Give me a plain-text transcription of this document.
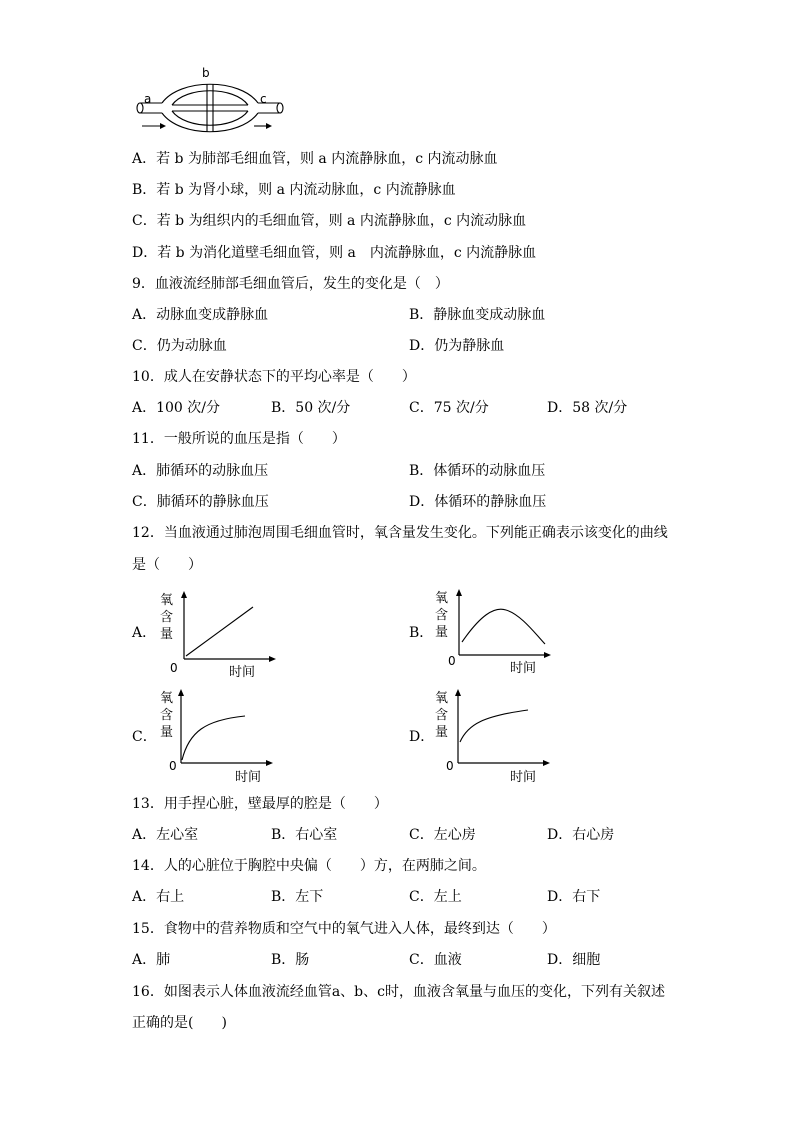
b
a	c
A．若 b 为肺部毛细血管，则 a 内流静脉血，c 内流动脉血
B．若 b 为肾小球，则 a 内流动脉血，c 内流静脉血
C．若 b 为组织内的毛细血管，则 a 内流静脉血，c 内流动脉血
D．若 b 为消化道壁毛细血管，则 a　内流静脉血，c 内流静脉血
9．血液流经肺部毛细血管后，发生的变化是（　）
A．动脉血变成静脉血	B．静脉血变成动脉血
C．仍为动脉血	D．仍为静脉血
10．成人在安静状态下的平均心率是（　　）
A．100 次/分	B．50 次/分	C．75 次/分	D．58 次/分
11．一般所说的血压是指（　　）
A．肺循环的动脉血压	B．体循环的动脉血压
C．肺循环的静脉血压	D．体循环的静脉血压
12．当血液通过肺泡周围毛细血管时，氧含量发生变化。下列能正确表示该变化的曲线
是（　　）
A．
氧
含
量
0	时间
B．
氧
含
量
0	时间
C．
氧
含
量
0
时间
D．
氧
含
量
0
时间
13．用手捏心脏，壁最厚的腔是（　　）
A．左心室	B．右心室	C．左心房	D．右心房
14．人的心脏位于胸腔中央偏（　　）方，在两肺之间。
A．右上	B．左下	C．左上	D．右下
15．食物中的营养物质和空气中的氧气进入人体，最终到达（　　）
A．肺	B．肠	C．血液	D．细胞
16．如图表示人体血液流经血管a、b、c时，血液含氧量与血压的变化，下列有关叙述
正确的是(　　)
